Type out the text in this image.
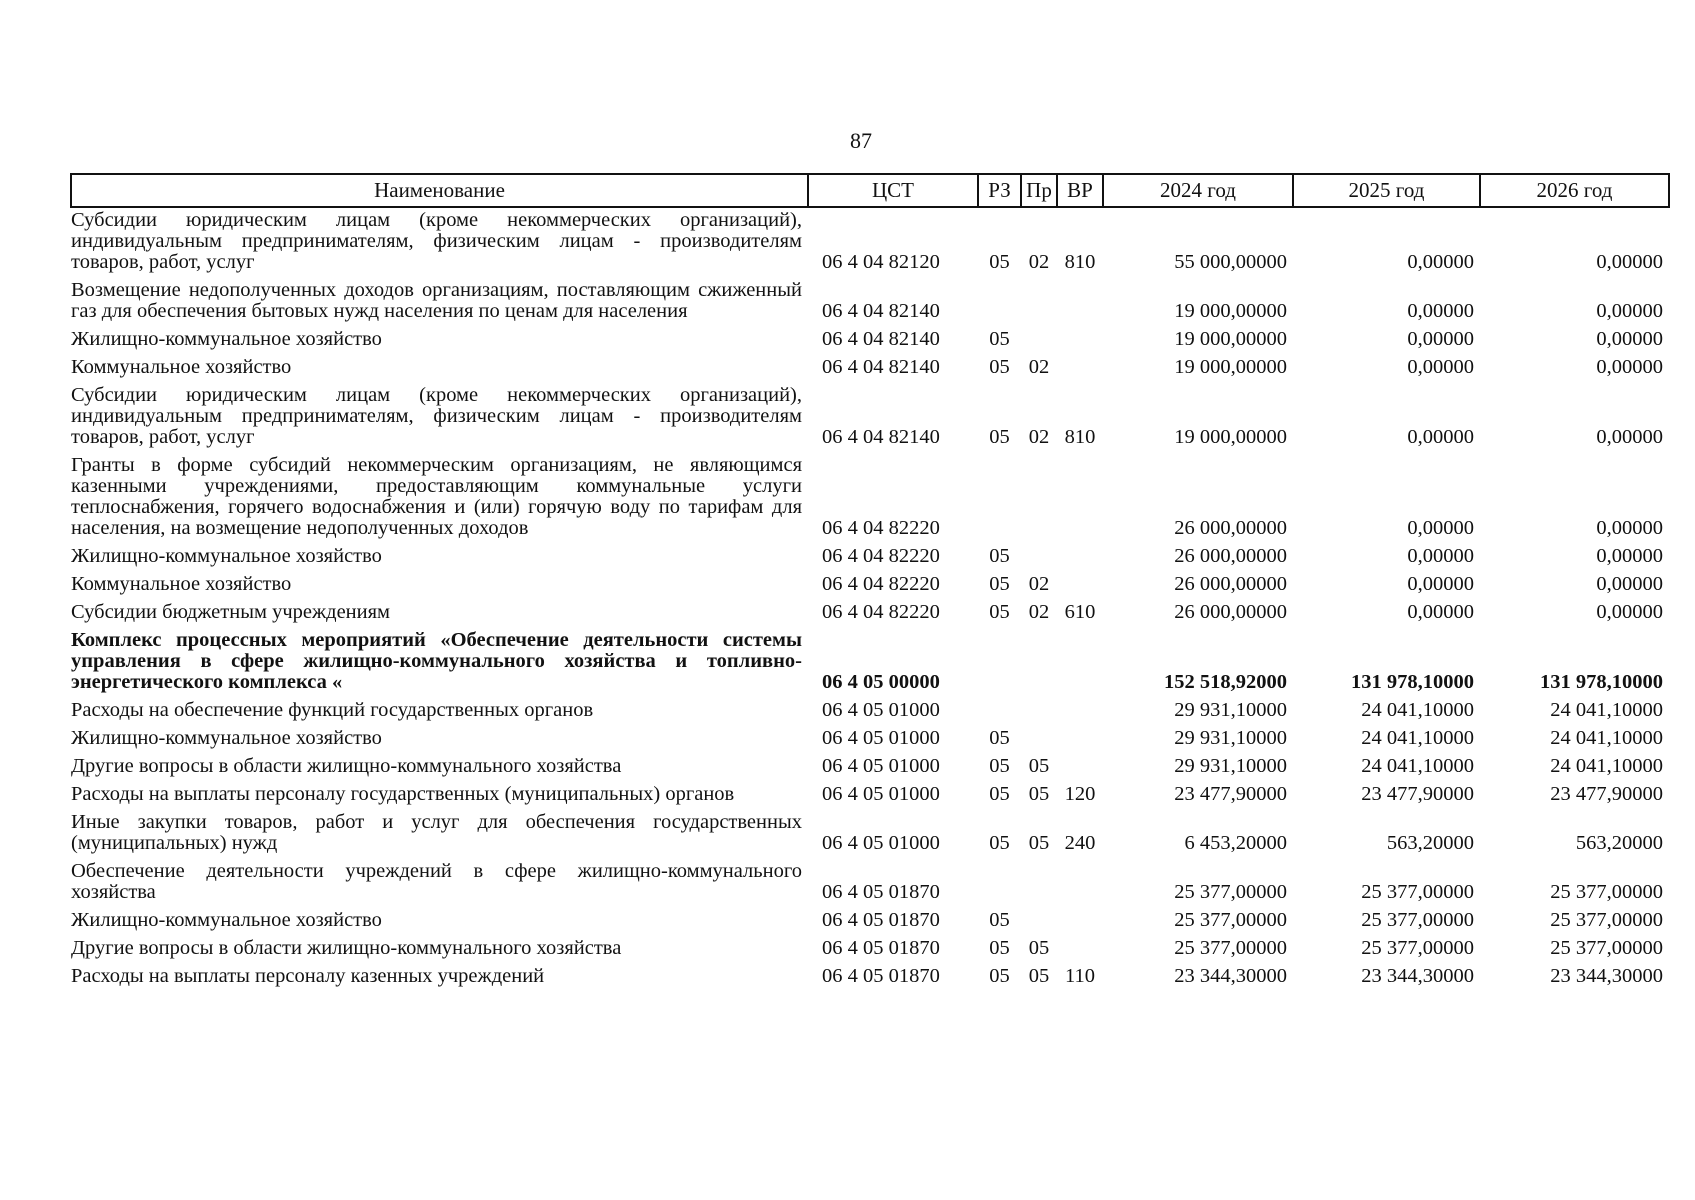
87
Наименование	ЦСТ	РЗ	Пр	ВР	2024 год	2025 год	2026 год
Субсидии юридическим лицам (кроме некоммерческих организаций), индивидуальным предпринимателям, физическим лицам - производителям товаров, работ, услуг	06 4 04 82120	05	02	810	55 000,00000	0,00000	0,00000
Возмещение недополученных доходов организациям, поставляющим сжиженный газ для обеспечения бытовых нужд населения по ценам для населения	06 4 04 82140				19 000,00000	0,00000	0,00000
Жилищно-коммунальное хозяйство	06 4 04 82140	05			19 000,00000	0,00000	0,00000
Коммунальное хозяйство	06 4 04 82140	05	02		19 000,00000	0,00000	0,00000
Субсидии юридическим лицам (кроме некоммерческих организаций), индивидуальным предпринимателям, физическим лицам - производителям товаров, работ, услуг	06 4 04 82140	05	02	810	19 000,00000	0,00000	0,00000
Гранты в форме субсидий некоммерческим организациям, не являющимся казенными учреждениями, предоставляющим коммунальные услуги теплоснабжения, горячего водоснабжения и (или) горячую воду по тарифам для населения, на возмещение недополученных доходов	06 4 04 82220				26 000,00000	0,00000	0,00000
Жилищно-коммунальное хозяйство	06 4 04 82220	05			26 000,00000	0,00000	0,00000
Коммунальное хозяйство	06 4 04 82220	05	02		26 000,00000	0,00000	0,00000
Субсидии бюджетным учреждениям	06 4 04 82220	05	02	610	26 000,00000	0,00000	0,00000
Комплекс процессных мероприятий «Обеспечение деятельности системы управления в сфере жилищно-коммунального хозяйства и топливно-энергетического комплекса «	06 4 05 00000				152 518,92000	131 978,10000	131 978,10000
Расходы на обеспечение функций государственных органов	06 4 05 01000				29 931,10000	24 041,10000	24 041,10000
Жилищно-коммунальное хозяйство	06 4 05 01000	05			29 931,10000	24 041,10000	24 041,10000
Другие вопросы в области жилищно-коммунального хозяйства	06 4 05 01000	05	05		29 931,10000	24 041,10000	24 041,10000
Расходы на выплаты персоналу государственных (муниципальных) органов	06 4 05 01000	05	05	120	23 477,90000	23 477,90000	23 477,90000
Иные закупки товаров, работ и услуг для обеспечения государственных (муниципальных) нужд	06 4 05 01000	05	05	240	6 453,20000	563,20000	563,20000
Обеспечение деятельности учреждений в сфере жилищно-коммунального хозяйства	06 4 05 01870				25 377,00000	25 377,00000	25 377,00000
Жилищно-коммунальное хозяйство	06 4 05 01870	05			25 377,00000	25 377,00000	25 377,00000
Другие вопросы в области жилищно-коммунального хозяйства	06 4 05 01870	05	05		25 377,00000	25 377,00000	25 377,00000
Расходы на выплаты персоналу казенных учреждений	06 4 05 01870	05	05	110	23 344,30000	23 344,30000	23 344,30000
